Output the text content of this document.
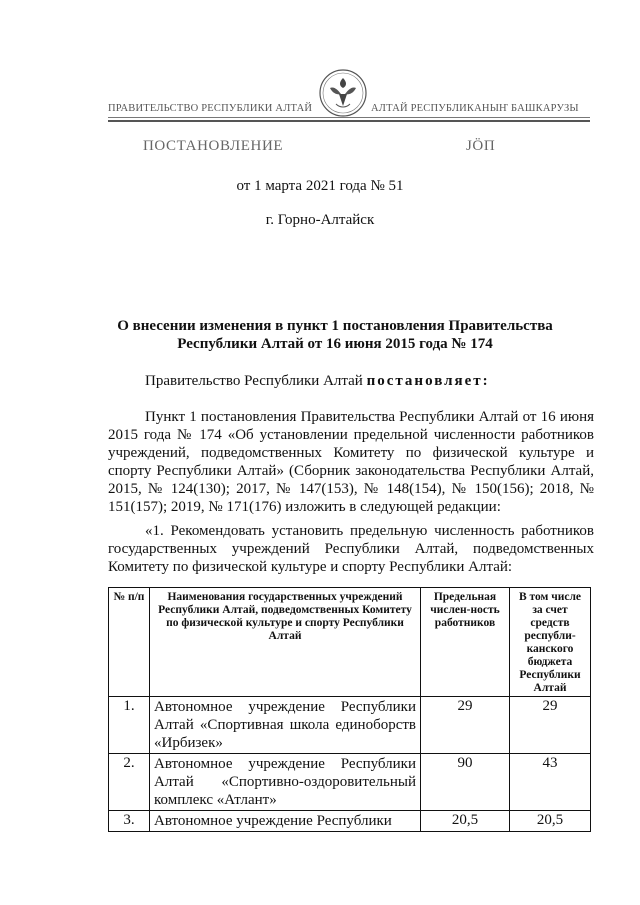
ПРАВИТЕЛЬСТВО РЕСПУБЛИКИ АЛТАЙ	АЛТАЙ РЕСПУБЛИКАНЫҤ БАШКАРУЗЫ
ПОСТАНОВЛЕНИЕ	ЈӦП
от 1 марта 2021 года № 51
г. Горно-Алтайск
О внесении изменения в пункт 1 постановления Правительства Республики Алтай от 16 июня 2015 года № 174
Правительство Республики Алтай постановляет:
Пункт 1 постановления Правительства Республики Алтай от 16 июня 2015 года № 174 «Об установлении предельной численности работников учреждений, подведомственных Комитету по физической культуре и спорту Республики Алтай» (Сборник законодательства Республики Алтай, 2015, № 124(130); 2017, № 147(153), № 148(154), № 150(156); 2018, № 151(157); 2019, № 171(176) изложить в следующей редакции:
«1. Рекомендовать установить предельную численность работников государственных учреждений Республики Алтай, подведомственных Комитету по физической культуре и спорту Республики Алтай:
№ п/п	Наименования государственных учреждений Республики Алтай, подведомственных Комитету по физической культуре и спорту Республики Алтай	Предельная числен-ность работников	В том числе за счет средств республи-канского бюджета Республики Алтай
1.	Автономное учреждение Республики Алтай «Спортивная школа единоборств «Ирбизек»	29	29
2.	Автономное учреждение Республики Алтай «Спортивно-оздоровительный комплекс «Атлант»	90	43
3.	Автономное учреждение Республики	20,5	20,5
